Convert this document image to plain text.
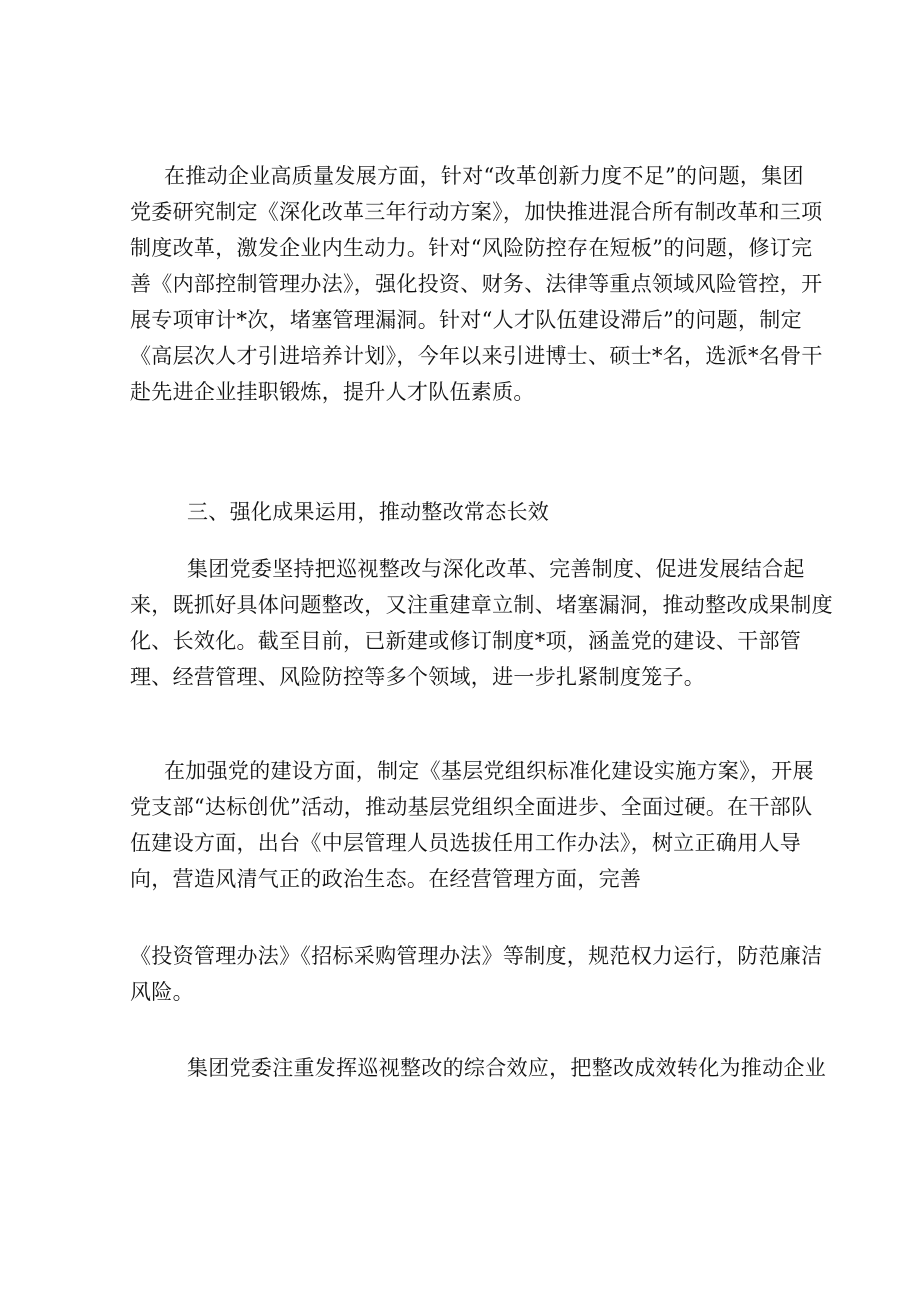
在推动企业高质量发展方面，针对“改革创新力度不足”的问题，集团
党委研究制定《深化改革三年行动方案》，加快推进混合所有制改革和三项
制度改革，激发企业内生动力。针对“风险防控存在短板”的问题，修订完
善《内部控制管理办法》，强化投资、财务、法律等重点领域风险管控，开
展专项审计*次，堵塞管理漏洞。针对“人才队伍建设滞后”的问题，制定
《高层次人才引进培养计划》，今年以来引进博士、硕士*名，选派*名骨干
赴先进企业挂职锻炼，提升人才队伍素质。
三、强化成果运用，推动整改常态长效
集团党委坚持把巡视整改与深化改革、完善制度、促进发展结合起
来，既抓好具体问题整改，又注重建章立制、堵塞漏洞，推动整改成果制度
化、长效化。截至目前，已新建或修订制度*项，涵盖党的建设、干部管
理、经营管理、风险防控等多个领域，进一步扎紧制度笼子。
在加强党的建设方面，制定《基层党组织标准化建设实施方案》，开展
党支部“达标创优”活动，推动基层党组织全面进步、全面过硬。在干部队
伍建设方面，出台《中层管理人员选拔任用工作办法》，树立正确用人导
向，营造风清气正的政治生态。在经营管理方面，完善
《投资管理办法》《招标采购管理办法》等制度，规范权力运行，防范廉洁
风险。
集团党委注重发挥巡视整改的综合效应，把整改成效转化为推动企业
